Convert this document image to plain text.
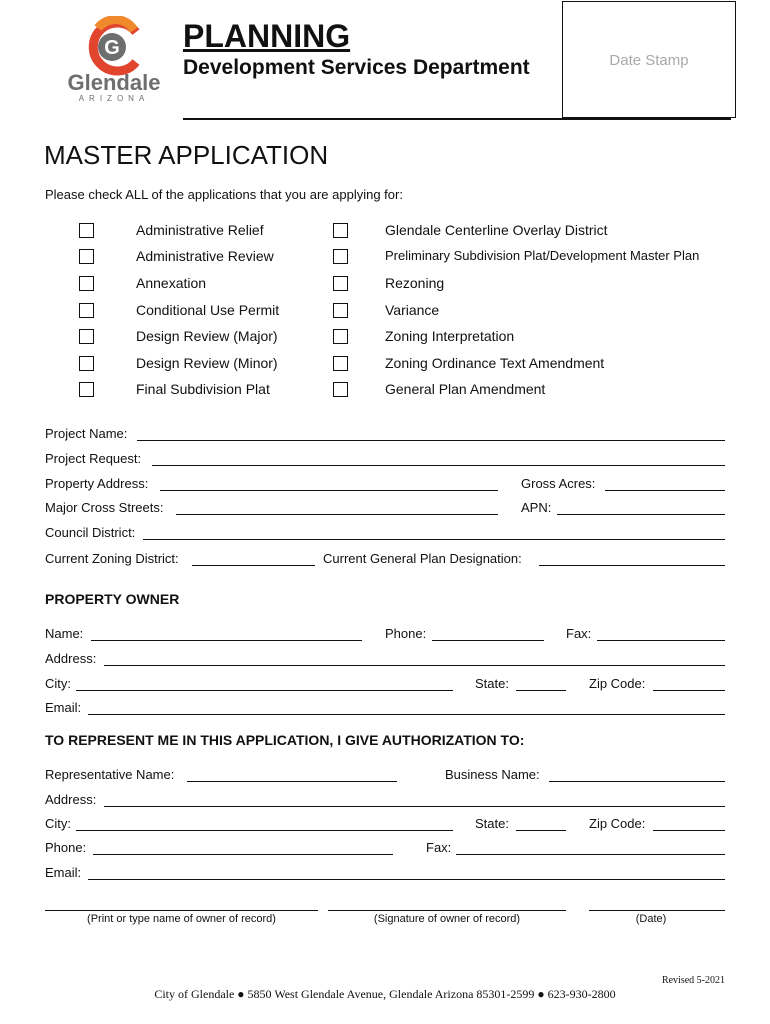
G
Glendale
ARIZONA
PLANNING
Development Services Department	Date Stamp
MASTER APPLICATION
Please check ALL of the applications that you are applying for:
Administrative Relief
Administrative Review
Annexation
Conditional Use Permit
Design Review (Major)
Design Review (Minor)
Final Subdivision Plat
Glendale Centerline Overlay District
Preliminary Subdivision Plat/Development Master Plan
Rezoning
Variance
Zoning Interpretation
Zoning Ordinance Text Amendment
General Plan Amendment
Project Name:
Project Request:
Property Address:	Gross Acres:
Major Cross Streets:	APN:
Council District:
Current Zoning District:	Current General Plan Designation:
PROPERTY OWNER
Name:	Phone:	Fax:
Address:
City:	State:	Zip Code:
Email:
TO REPRESENT ME IN THIS APPLICATION, I GIVE AUTHORIZATION TO:
Representative Name:	Business Name:
Address:
City:	State:	Zip Code:
Phone:	Fax:
Email:
(Print or type name of owner of record)	(Signature of owner of record)	(Date)
Revised 5-2021
City of Glendale ● 5850 West Glendale Avenue, Glendale Arizona 85301-2599 ● 623-930-2800
